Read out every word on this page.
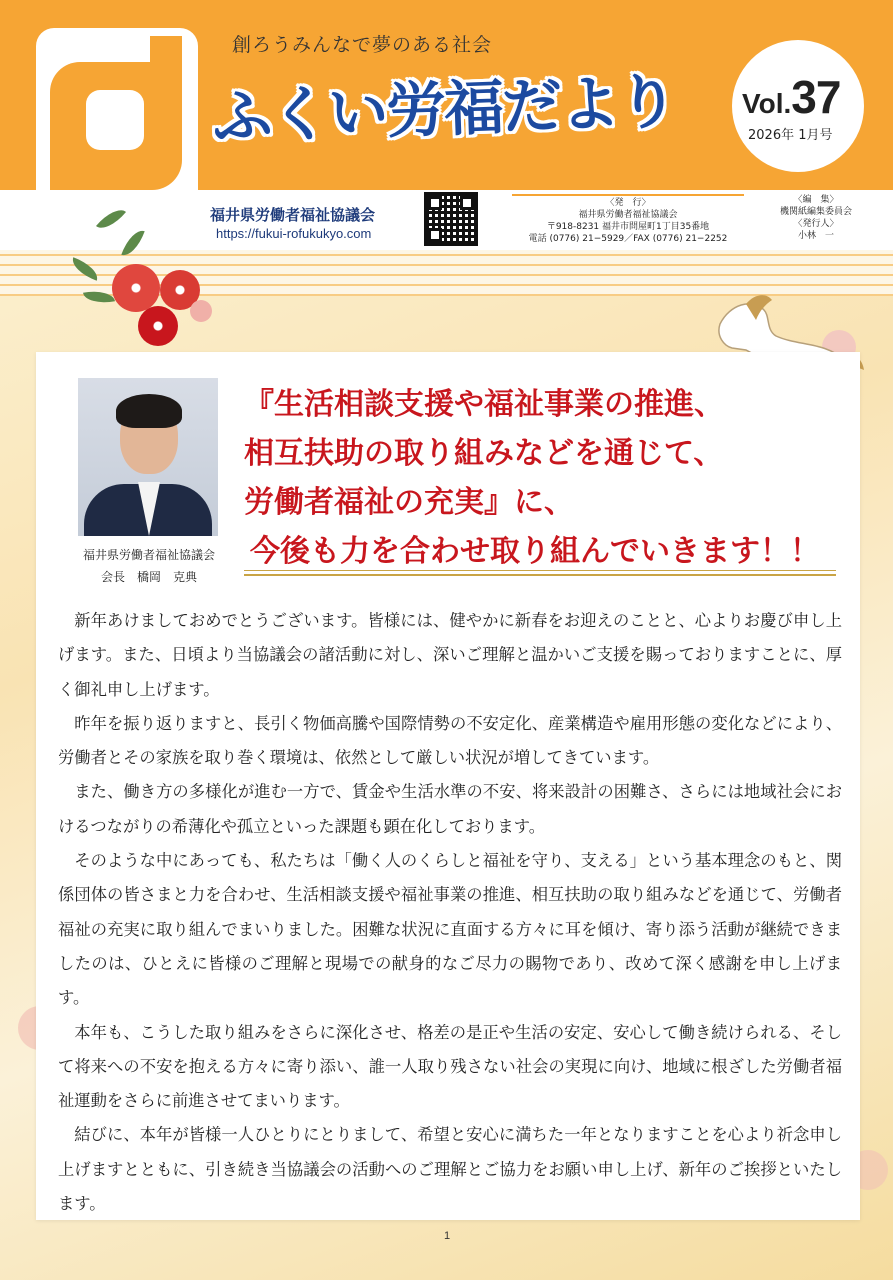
創ろうみんなで夢のある社会
ふくい労福だより Vol.37
2026年 1月号
福井県労働者福祉協議会
https://fukui-rofukukyo.com
〈発　行〉
福井県労働者福祉協議会
〒918-8231 福井市問屋町1丁目35番地
電話 (0776) 21−5929／FAX (0776) 21−2252
〈編　集〉
機関紙編集委員会
〈発行人〉
小林　一
福井県労働者福祉協議会
会長　橋岡　克典
『生活相談支援や福祉事業の推進、
相互扶助の取り組みなどを通じて、
労働者福祉の充実』に、
今後も力を合わせ取り組んでいきます！！

新年あけましておめでとうございます。皆様には、健やかに新春をお迎えのことと、心よりお慶び申し上げます。また、日頃より当協議会の諸活動に対し、深いご理解と温かいご支援を賜っておりますことに、厚く御礼申し上げます。

昨年を振り返りますと、長引く物価高騰や国際情勢の不安定化、産業構造や雇用形態の変化などにより、労働者とその家族を取り巻く環境は、依然として厳しい状況が増してきています。

また、働き方の多様化が進む一方で、賃金や生活水準の不安、将来設計の困難さ、さらには地域社会におけるつながりの希薄化や孤立といった課題も顕在化しております。

そのような中にあっても、私たちは「働く人のくらしと福祉を守り、支える」という基本理念のもと、関係団体の皆さまと力を合わせ、生活相談支援や福祉事業の推進、相互扶助の取り組みなどを通じて、労働者福祉の充実に取り組んでまいりました。困難な状況に直面する方々に耳を傾け、寄り添う活動が継続できましたのは、ひとえに皆様のご理解と現場での献身的なご尽力の賜物であり、改めて深く感謝を申し上げます。

本年も、こうした取り組みをさらに深化させ、格差の是正や生活の安定、安心して働き続けられる、そして将来への不安を抱える方々に寄り添い、誰一人取り残さない社会の実現に向け、地域に根ざした労働者福祉運動をさらに前進させてまいります。

結びに、本年が皆様一人ひとりにとりまして、希望と安心に満ちた一年となりますことを心より祈念申し上げますとともに、引き続き当協議会の活動へのご理解とご協力をお願い申し上げ、新年のご挨拶といたします。

1
